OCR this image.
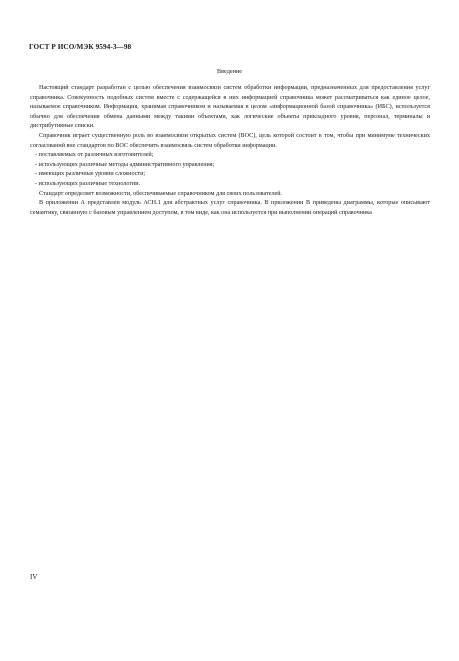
ГОСТ Р ИСО/МЭК 9594-3—98
Введение

Настоящий стандарт разработан с целью обеспечения взаимосвязи систем обработки информации, предназначенных для предоставления услуг справочника. Совокупность подобных систем вместе с содержащейся в них информацией справочника может рассматриваться как единое целое, называемое справочником. Информация, хранимая справочником и называемая в целом «информационной базой справочника» (ИБС), используется обычно для обеспечения обмена данными между такими объектами, как логические объекты прикладного уровня, персонал, терминалы и дистрибутивные списки.

Справочник играет существенную роль во взаимосвязи открытых систем (ВОС), цель которой состоит в том, чтобы при минимуме технических согласований вне стандартов по ВОС обеспечить взаимосвязь систем обработки информации.

- поставляемых от различных изготовителей;
- использующих различные методы административного управления;
- имеющих различные уровни сложности;
- использующих различные технологии.

Стандарт определяет возможности, обеспечиваемые справочником для своих пользователей.

В приложении А представлен модуль АСН.1 для абстрактных услуг справочника. В приложении В приведены диаграммы, которые описывают семантику, связанную с базовым управлением доступом, в том виде, как она используется при выполнении операций справочника

IV
